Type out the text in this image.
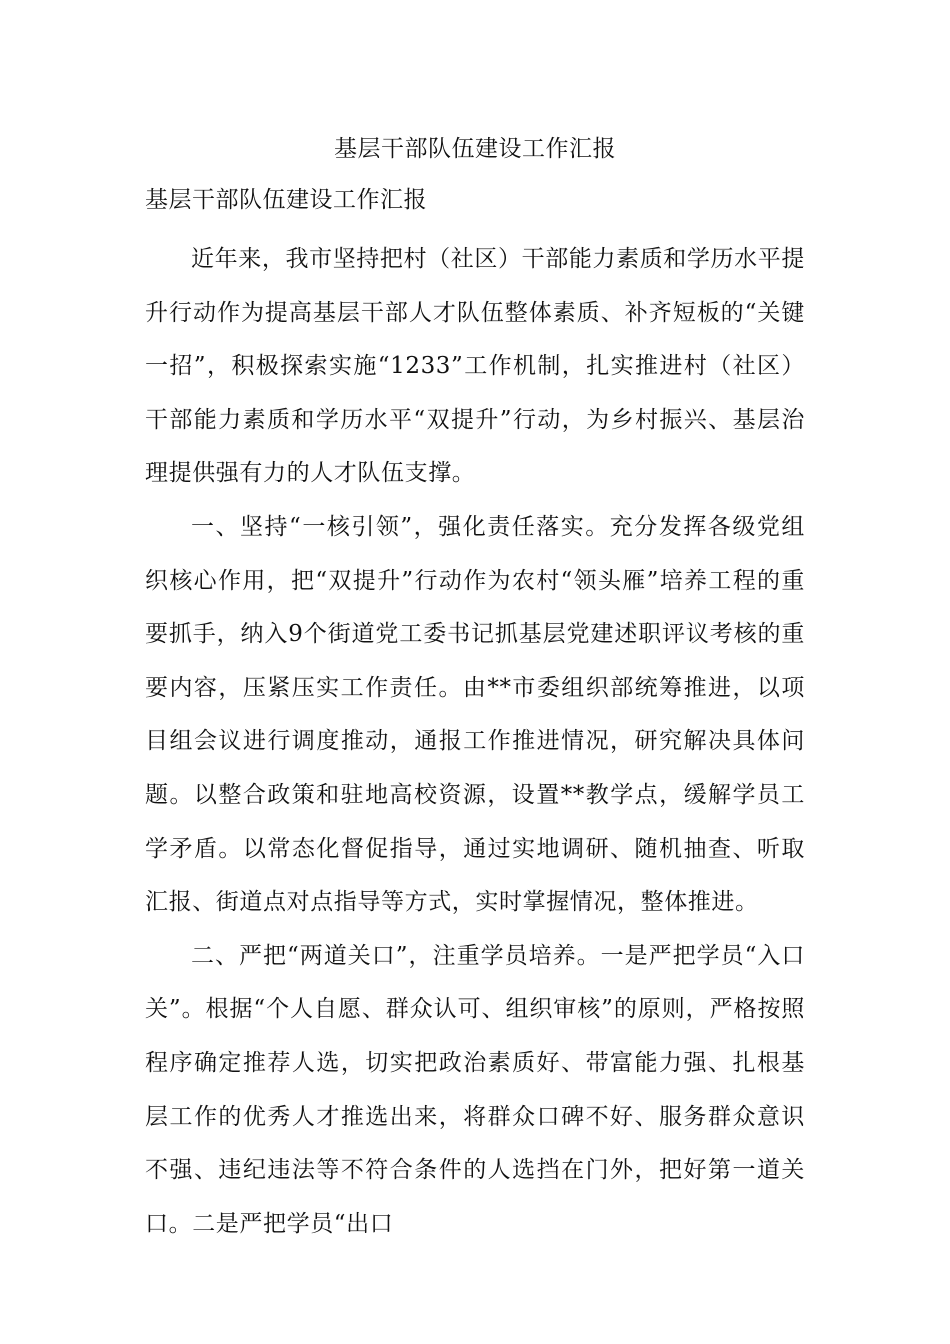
基层干部队伍建设工作汇报
基层干部队伍建设工作汇报

近年来，我市坚持把村（社区）干部能力素质和学历水平提升行动作为提高基层干部人才队伍整体素质、补齐短板的“关键一招”，积极探索实施“1233”工作机制，扎实推进村（社区）干部能力素质和学历水平“双提升”行动，为乡村振兴、基层治理提供强有力的人才队伍支撑。

一、坚持“一核引领”，强化责任落实。充分发挥各级党组织核心作用，把“双提升”行动作为农村“领头雁”培养工程的重要抓手，纳入9个街道党工委书记抓基层党建述职评议考核的重要内容，压紧压实工作责任。由**市委组织部统筹推进，以项目组会议进行调度推动，通报工作推进情况，研究解决具体问题。以整合政策和驻地高校资源，设置**教学点，缓解学员工学矛盾。以常态化督促指导，通过实地调研、随机抽查、听取汇报、街道点对点指导等方式，实时掌握情况，整体推进。

二、严把“两道关口”，注重学员培养。一是严把学员“入口关”。根据“个人自愿、群众认可、组织审核”的原则，严格按照程序确定推荐人选，切实把政治素质好、带富能力强、扎根基层工作的优秀人才推选出来，将群众口碑不好、服务群众意识不强、违纪违法等不符合条件的人选挡在门外，把好第一道关口。二是严把学员“出口
